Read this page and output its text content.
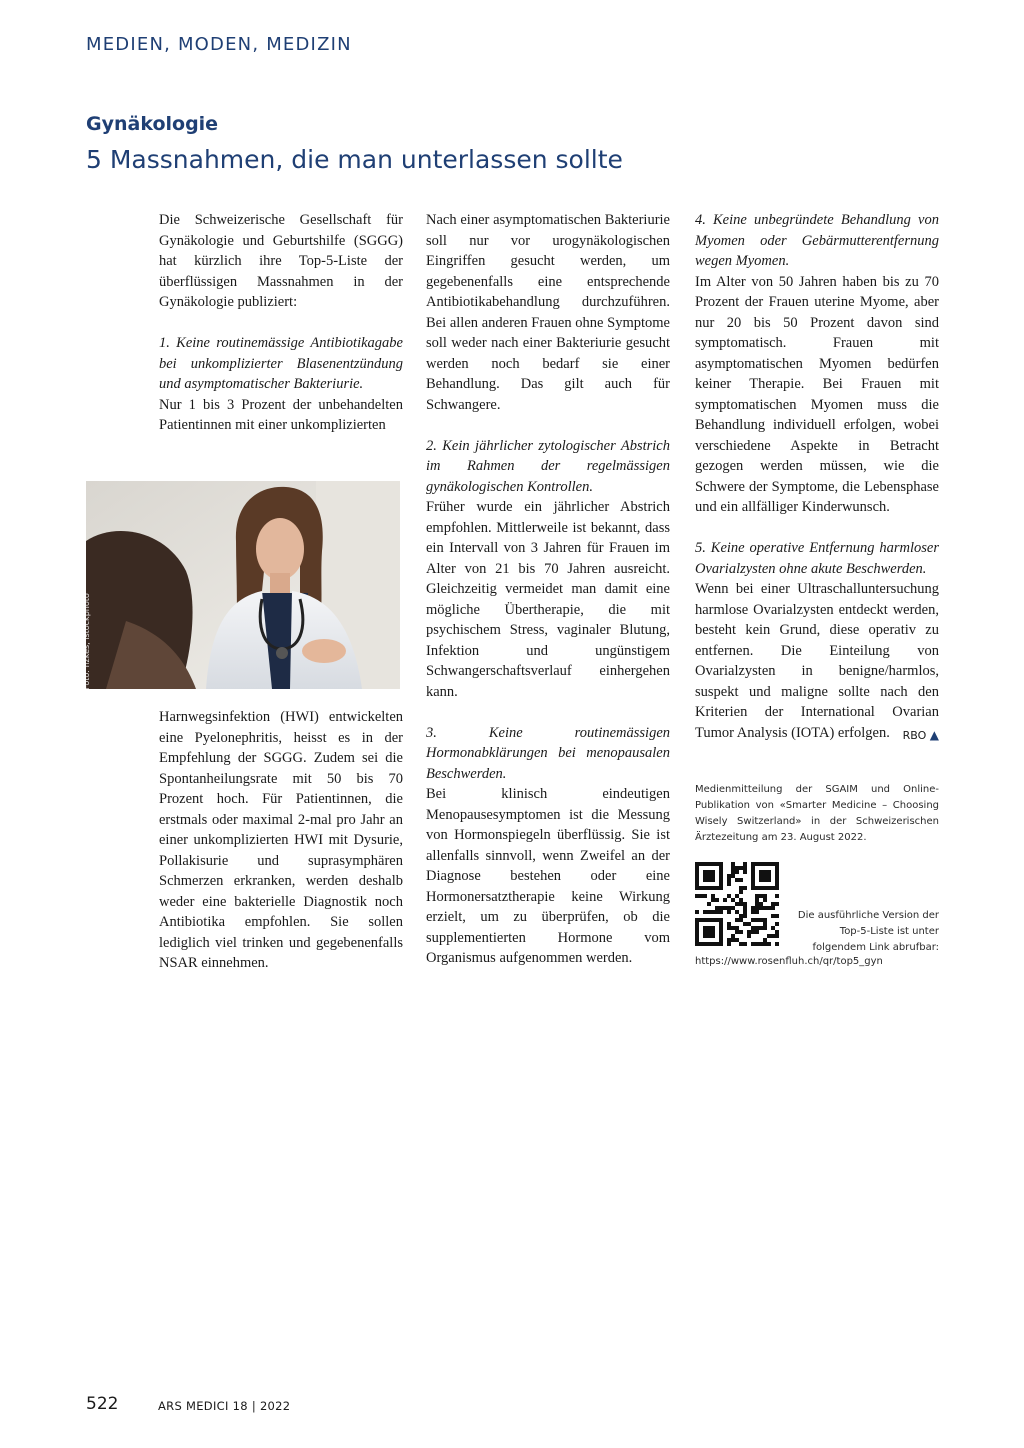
MEDIEN, MODEN, MEDIZIN
Gynäkologie
5 Massnahmen, die man unterlassen sollte

Die Schweizerische Gesellschaft für Gynäkologie und Geburtshilfe (SGGG) hat kürzlich ihre Top-5-Liste der überflüssigen Massnahmen in der Gynäkologie publiziert:

1. Keine routinemässige Antibiotikagabe bei unkomplizierter Blasenentzündung und asymptomatischer Bakteriurie.

Nur 1 bis 3 Prozent der unbehandelten Patientinnen mit einer unkomplizierten

Foto: fizkes, istockphoto

Harnwegsinfektion (HWI) entwickelten eine Pyelonephritis, heisst es in der Empfehlung der SGGG. Zudem sei die Spontanheilungsrate mit 50 bis 70 Prozent hoch. Für Patientinnen, die erstmals oder maximal 2-mal pro Jahr an einer unkomplizierten HWI mit Dysurie, Pollakisurie und suprasymphären Schmerzen erkranken, werden deshalb weder eine bakterielle Diagnostik noch Antibiotika empfohlen. Sie sollen lediglich viel trinken und gegebenenfalls NSAR einnehmen.

Nach einer asymptomatischen Bakteriurie soll nur vor urogynäkologischen Eingriffen gesucht werden, um gegebenenfalls eine entsprechende Antibiotikabehandlung durchzuführen. Bei allen anderen Frauen ohne Symptome soll weder nach einer Bakteriurie gesucht werden noch bedarf sie einer Behandlung. Das gilt auch für Schwangere.

2. Kein jährlicher zytologischer Abstrich im Rahmen der regelmässigen gynäkologischen Kontrollen.

Früher wurde ein jährlicher Abstrich empfohlen. Mittlerweile ist bekannt, dass ein Intervall von 3 Jahren für Frauen im Alter von 21 bis 70 Jahren ausreicht. Gleichzeitig vermeidet man damit eine mögliche Übertherapie, die mit psychischem Stress, vaginaler Blutung, Infektion und ungünstigem Schwangerschaftsverlauf einhergehen kann.

3. Keine routinemässigen Hormonabklärungen bei menopausalen Beschwerden.

Bei klinisch eindeutigen Menopausesymptomen ist die Messung von Hormonspiegeln überflüssig. Sie ist allenfalls sinnvoll, wenn Zweifel an der Diagnose bestehen oder eine Hormonersatztherapie keine Wirkung erzielt, um zu überprüfen, ob die supplementierten Hormone vom Organismus aufgenommen werden.

4. Keine unbegründete Behandlung von Myomen oder Gebärmutterentfernung wegen Myomen.

Im Alter von 50 Jahren haben bis zu 70 Prozent der Frauen uterine Myome, aber nur 20 bis 50 Prozent davon sind symptomatisch. Frauen mit asymptomatischen Myomen bedürfen keiner Therapie. Bei Frauen mit symptomatischen Myomen muss die Behandlung individuell erfolgen, wobei verschiedene Aspekte in Betracht gezogen werden müssen, wie die Schwere der Symptome, die Lebensphase und ein allfälliger Kinderwunsch.

5. Keine operative Entfernung harmloser Ovarialzysten ohne akute Beschwerden.

Wenn bei einer Ultraschalluntersuchung harmlose Ovarialzysten entdeckt werden, besteht kein Grund, diese operativ zu entfernen. Die Einteilung von Ovarialzysten in benigne/harmlos, suspekt und maligne sollte nach den Kriterien der International Ovarian Tumor Analysis (IOTA) erfolgen. RBO ▲

Medienmitteilung der SGAIM und Online-Publikation von «Smarter Medicine – Choosing Wisely Switzerland» in der Schweizerischen Ärztezeitung am 23. August 2022.
Die ausführliche Version der Top-5-Liste ist unter folgendem Link abrufbar:
https://www.rosenfluh.ch/qr/top5_gyn
522	ARS MEDICI 18 | 2022
